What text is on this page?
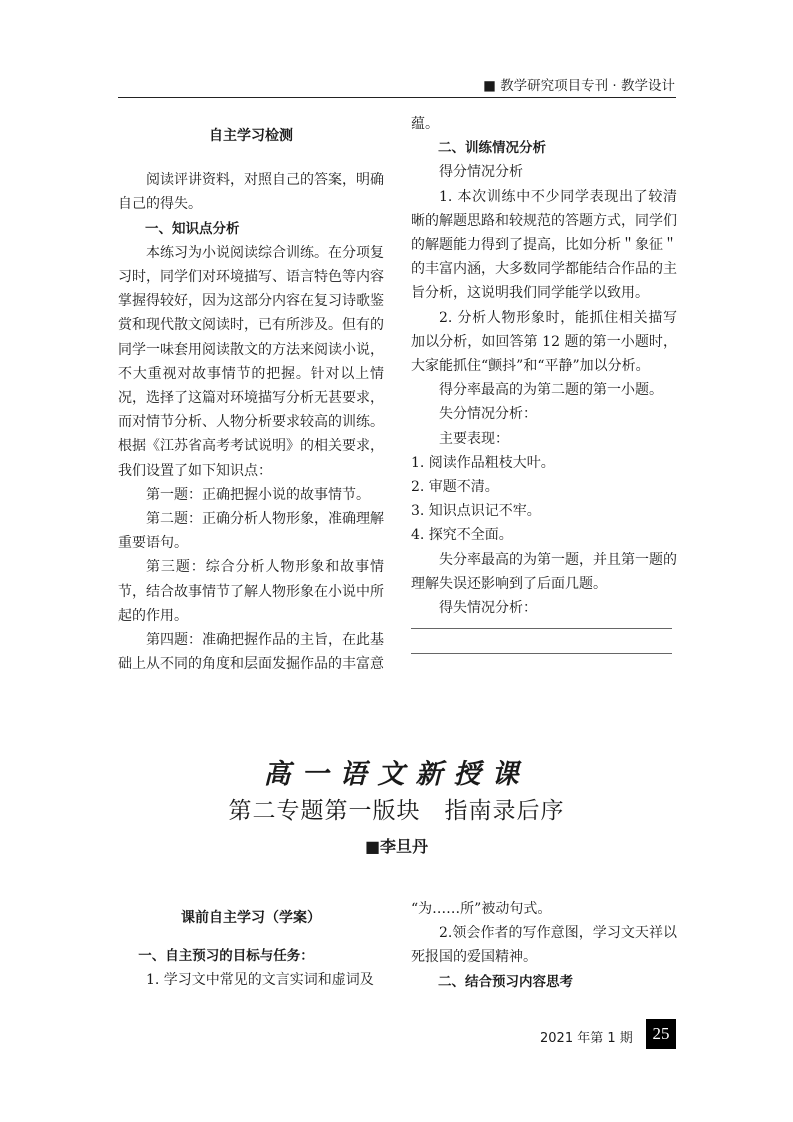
■ 教学研究项目专刊 · 教学设计

自主学习检测

阅读评讲资料，对照自己的答案，明确自己的得失。

一、知识点分析

本练习为小说阅读综合训练。在分项复习时，同学们对环境描写、语言特色等内容掌握得较好，因为这部分内容在复习诗歌鉴赏和现代散文阅读时，已有所涉及。但有的同学一味套用阅读散文的方法来阅读小说，不大重视对故事情节的把握。针对以上情况，选择了这篇对环境描写分析无甚要求，而对情节分析、人物分析要求较高的训练。根据《江苏省高考考试说明》的相关要求，我们设置了如下知识点：

第一题：正确把握小说的故事情节。

第二题：正确分析人物形象，准确理解重要语句。

第三题：综合分析人物形象和故事情节，结合故事情节了解人物形象在小说中所起的作用。

第四题：准确把握作品的主旨，在此基础上从不同的角度和层面发掘作品的丰富意

蕴。

二、训练情况分析

得分情况分析

1. 本次训练中不少同学表现出了较清晰的解题思路和较规范的答题方式，同学们的解题能力得到了提高，比如分析＂象征＂的丰富内涵，大多数同学都能结合作品的主旨分析，这说明我们同学能学以致用。

2. 分析人物形象时，能抓住相关描写加以分析，如回答第 12 题的第一小题时，大家能抓住“颤抖”和“平静”加以分析。

得分率最高的为第二题的第一小题。

失分情况分析：

主要表现：

1. 阅读作品粗枝大叶。

2. 审题不清。

3. 知识点识记不牢。

4. 探究不全面。

失分率最高的为第一题，并且第一题的理解失误还影响到了后面几题。

得失情况分析：

高一语文新授课
第二专题第一版块　指南录后序
■李旦丹

课前自主学习（学案）

一、自主预习的目标与任务：

1. 学习文中常见的文言实词和虚词及

“为……所”被动句式。

2.领会作者的写作意图，学习文天祥以死报国的爱国精神。

二、结合预习内容思考

2021 年第 1 期	25
